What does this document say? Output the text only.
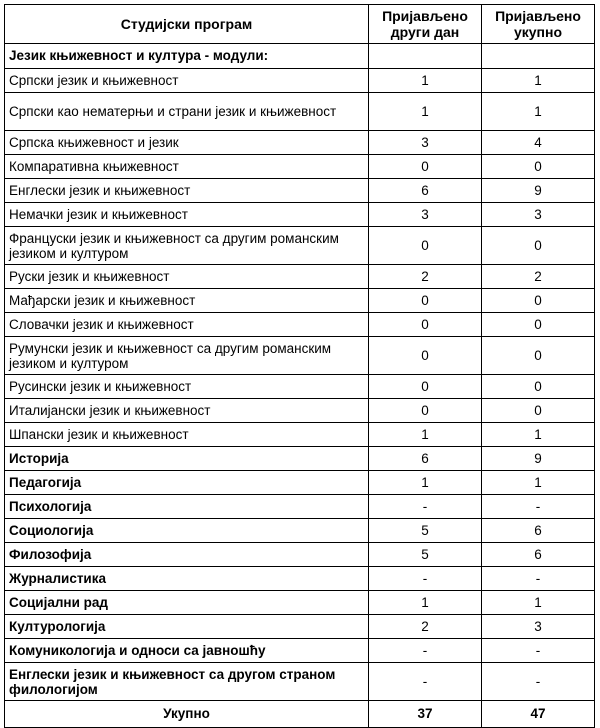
Студијски програм	Пријављено други дан	Пријављено укупно
Језик књижевност и култура - модули:		
Српски језик и књижевност	1	1
Српски као нематерњи и страни језик и књижевност	1	1
Српска књижевност и језик	3	4
Компаративна књижевност	0	0
Енглески језик и књижевност	6	9
Немачки језик и књижевност	3	3
Француски језик и књижевност са другим романским језиком и културом	0	0
Руски језик и књижевност	2	2
Мађарски језик и књижевност	0	0
Словачки језик и књижевност	0	0
Румунски језик и књижевност са другим романским језиком и културом	0	0
Русински језик и књижевност	0	0
Италијански језик и књижевност	0	0
Шпански језик и књижевност	1	1
Историја	6	9
Педагогија	1	1
Психологија	-	-
Социологија	5	6
Филозофија	5	6
Журналистика	-	-
Социјални рад	1	1
Културологија	2	3
Комуникологија и односи са јавношћу	-	-
Енглески језик и књижевност са другом страном филологијом	-	-
Укупно	37	47
